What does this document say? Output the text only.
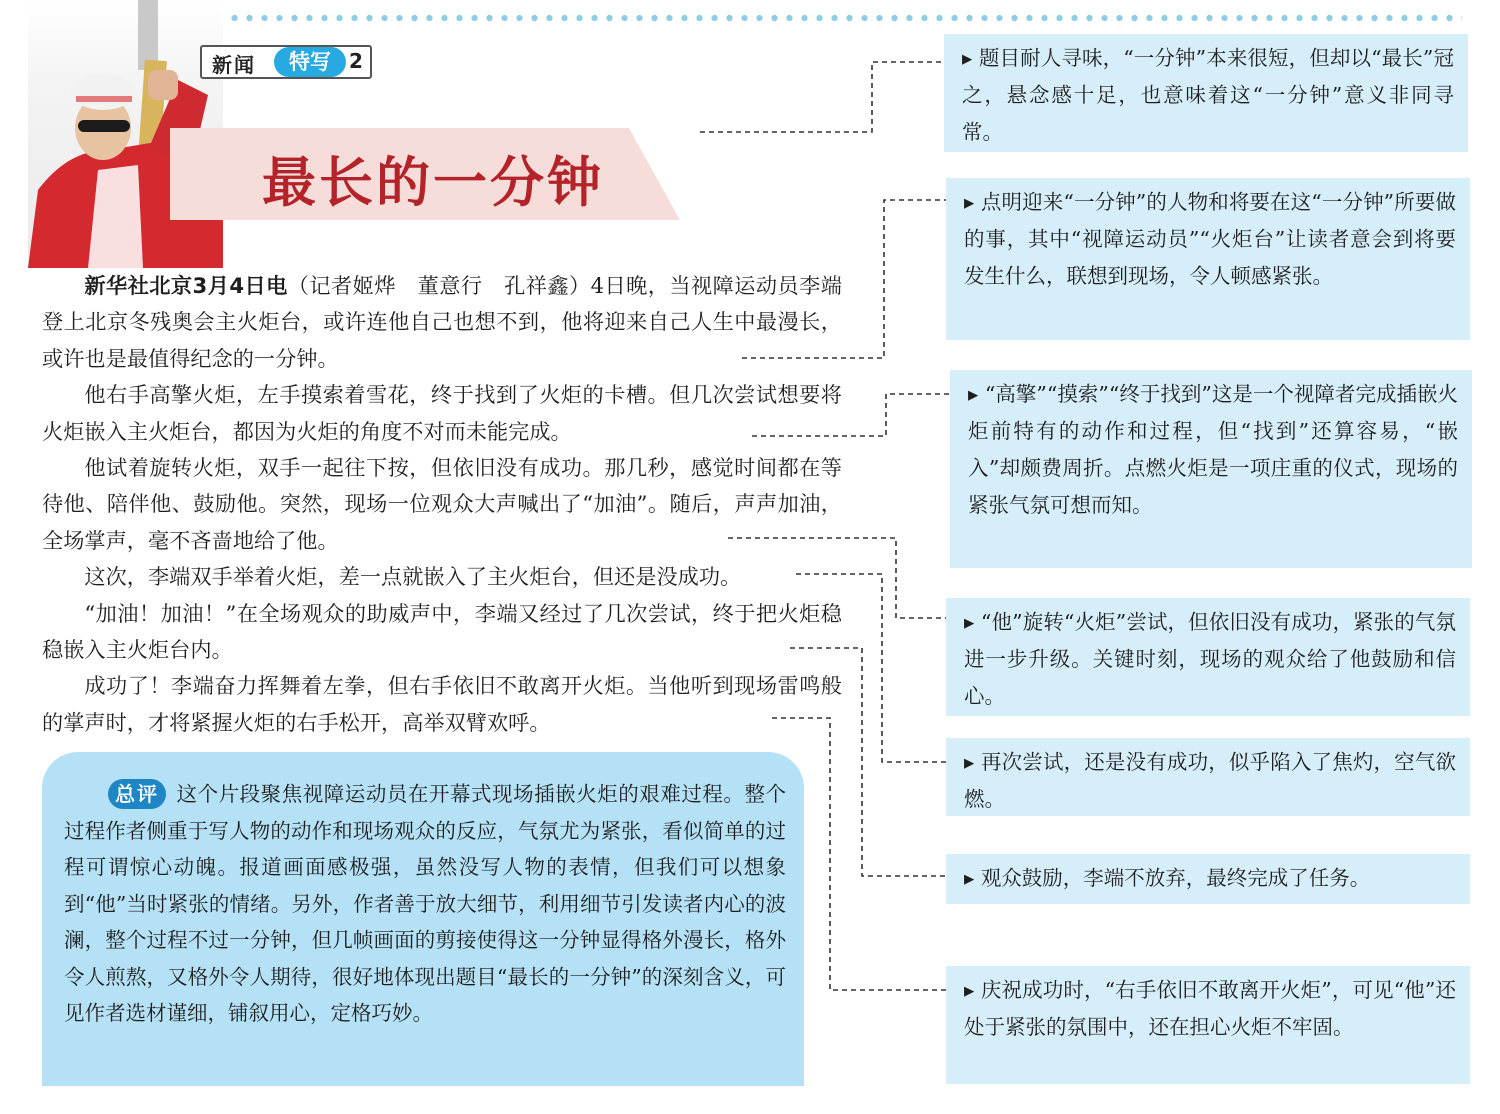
新闻	特写 2
最长的一分钟

新华社北京3月4日电（记者姬烨　董意行　孔祥鑫）4日晚，当视障运动员李端登上北京冬残奥会主火炬台，或许连他自己也想不到，他将迎来自己人生中最漫长，或许也是最值得纪念的一分钟。

他右手高擎火炬，左手摸索着雪花，终于找到了火炬的卡槽。但几次尝试想要将火炬嵌入主火炬台，都因为火炬的角度不对而未能完成。

他试着旋转火炬，双手一起往下按，但依旧没有成功。那几秒，感觉时间都在等待他、陪伴他、鼓励他。突然，现场一位观众大声喊出了“加油”。随后，声声加油，全场掌声，毫不吝啬地给了他。

这次，李端双手举着火炬，差一点就嵌入了主火炬台，但还是没成功。

“加油！加油！”在全场观众的助威声中，李端又经过了几次尝试，终于把火炬稳稳嵌入主火炬台内。

成功了！李端奋力挥舞着左拳，但右手依旧不敢离开火炬。当他听到现场雷鸣般的掌声时，才将紧握火炬的右手松开，高举双臂欢呼。

总评 这个片段聚焦视障运动员在开幕式现场插嵌火炬的艰难过程。整个过程作者侧重于写人物的动作和现场观众的反应，气氛尤为紧张，看似简单的过程可谓惊心动魄。报道画面感极强，虽然没写人物的表情，但我们可以想象到“他”当时紧张的情绪。另外，作者善于放大细节，利用细节引发读者内心的波澜，整个过程不过一分钟，但几帧画面的剪接使得这一分钟显得格外漫长，格外令人煎熬，又格外令人期待，很好地体现出题目“最长的一分钟”的深刻含义，可见作者选材谨细，铺叙用心，定格巧妙。
▸ 题目耐人寻味，“一分钟”本来很短，但却以“最长”冠之，悬念感十足，也意味着这“一分钟”意义非同寻常。
▸ 点明迎来“一分钟”的人物和将要在这“一分钟”所要做的事，其中“视障运动员”“火炬台”让读者意会到将要发生什么，联想到现场，令人顿感紧张。
▸ “高擎”“摸索”“终于找到”这是一个视障者完成插嵌火炬前特有的动作和过程，但“找到”还算容易，“嵌入”却颇费周折。点燃火炬是一项庄重的仪式，现场的紧张气氛可想而知。
▸ “他”旋转“火炬”尝试，但依旧没有成功，紧张的气氛进一步升级。关键时刻，现场的观众给了他鼓励和信心。
▸ 再次尝试，还是没有成功，似乎陷入了焦灼，空气欲燃。
▸ 观众鼓励，李端不放弃，最终完成了任务。
▸ 庆祝成功时，“右手依旧不敢离开火炬”，可见“他”还处于紧张的氛围中，还在担心火炬不牢固。
